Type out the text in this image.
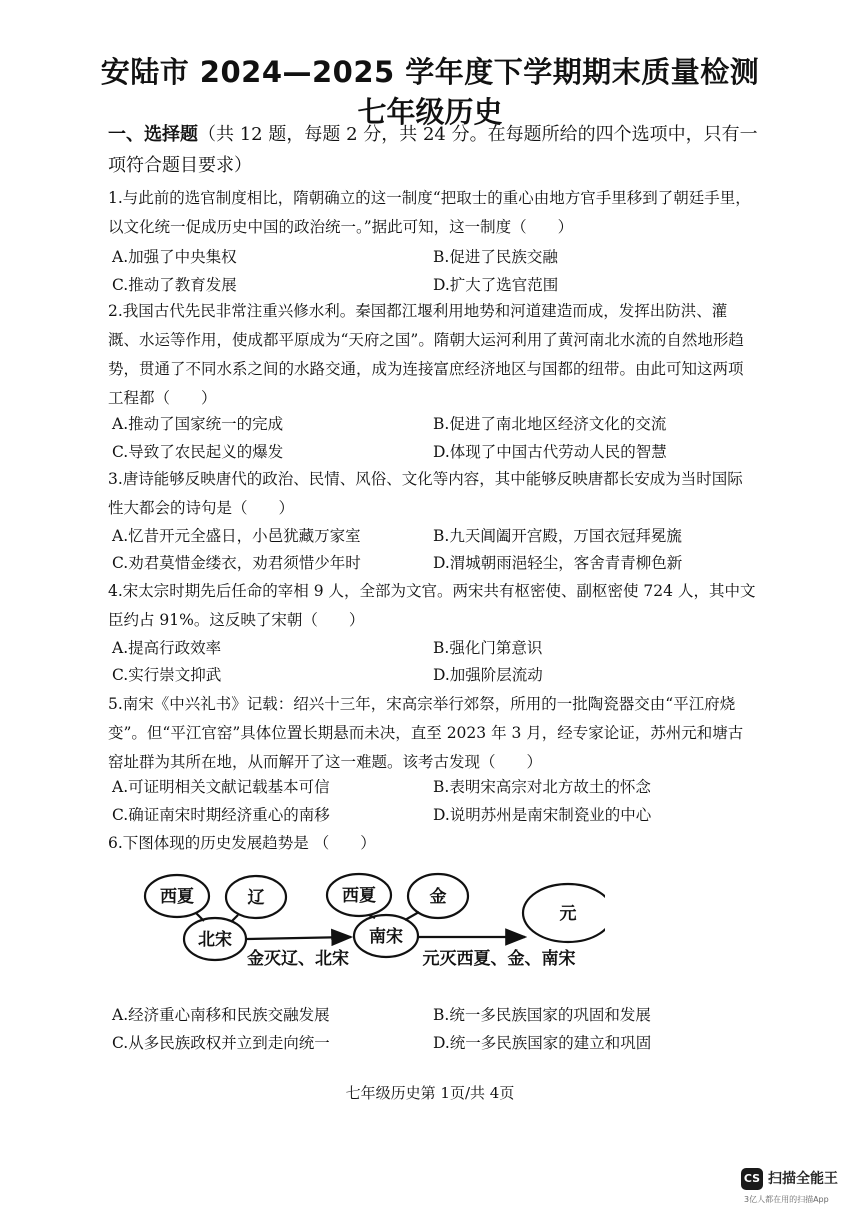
安陆市 2024—2025 学年度下学期期末质量检测
七年级历史
一、选择题（共 12 题，每题 2 分，共 24 分。在每题所给的四个选项中，只有一项符合题目要求）
1.与此前的选官制度相比，隋朝确立的这一制度“把取士的重心由地方官手里移到了朝廷手里，以文化统一促成历史中国的政治统一。”据此可知，这一制度（　　）
A.加强了中央集权	B.促进了民族交融
C.推动了教育发展	D.扩大了选官范围
2.我国古代先民非常注重兴修水利。秦国都江堰利用地势和河道建造而成，发挥出防洪、灌溉、水运等作用，使成都平原成为“天府之国”。隋朝大运河利用了黄河南北水流的自然地形趋势，贯通了不同水系之间的水路交通，成为连接富庶经济地区与国都的纽带。由此可知这两项工程都（　　）
A.推动了国家统一的完成	B.促进了南北地区经济文化的交流
C.导致了农民起义的爆发	D.体现了中国古代劳动人民的智慧
3.唐诗能够反映唐代的政治、民情、风俗、文化等内容，其中能够反映唐都长安成为当时国际性大都会的诗句是（　　）
A.忆昔开元全盛日，小邑犹藏万家室	B.九天阊阖开宫殿，万国衣冠拜冕旒
C.劝君莫惜金缕衣，劝君须惜少年时	D.渭城朝雨浥轻尘，客舍青青柳色新
4.宋太宗时期先后任命的宰相 9 人，全部为文官。两宋共有枢密使、副枢密使 724 人，其中文臣约占 91%。这反映了宋朝（　　）
A.提高行政效率	B.强化门第意识
C.实行崇文抑武	D.加强阶层流动
5.南宋《中兴礼书》记载：绍兴十三年，宋高宗举行郊祭，所用的一批陶瓷器交由“平江府烧变”。但“平江官窑”具体位置长期悬而未决，直至 2023 年 3 月，经专家论证，苏州元和塘古窑址群为其所在地，从而解开了这一难题。该考古发现（　　）
A.可证明相关文献记载基本可信	B.表明宋高宗对北方故土的怀念
C.确证南宋时期经济重心的南移	D.说明苏州是南宋制瓷业的中心
6.下图体现的历史发展趋势是 （　　）
西夏	辽
北宋
西夏	金
南宋
元
金灭辽、北宋	元灭西夏、金、南宋
A.经济重心南移和民族交融发展	B.统一多民族国家的巩固和发展
C.从多民族政权并立到走向统一	D.统一多民族国家的建立和巩固
七年级历史第 1页/共 4页
CS 扫描全能王
3亿人都在用的扫描App
